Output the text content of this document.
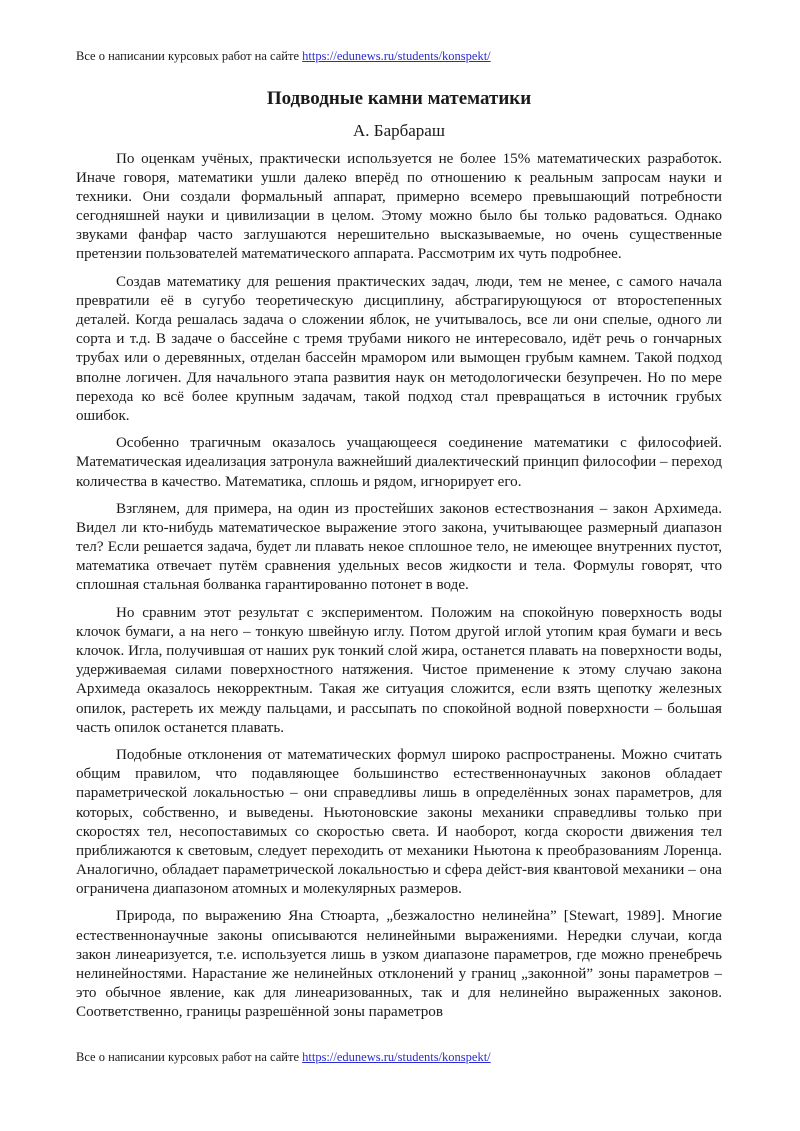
Все о написании курсовых работ на сайте https://edunews.ru/students/konspekt/
Подводные камни математики
А. Барбараш

По оценкам учёных, практически используется не более 15% математических разработок. Иначе говоря, математики ушли далеко вперёд по отношению к реальным запросам науки и техники. Они создали формальный аппарат, примерно всемеро превышающий потребности сегодняшней науки и цивилизации в целом. Этому можно было бы только радоваться. Однако звуками фанфар часто заглушаются нерешительно высказываемые, но очень существенные претензии пользователей математического аппарата. Рассмотрим их чуть подробнее.

Создав математику для решения практических задач, люди, тем не менее, с самого начала превратили её в сугубо теоретическую дисциплину, абстрагирующуюся от второстепенных деталей. Когда решалась задача о сложении яблок, не учитывалось, все ли они спелые, одного ли сорта и т.д. В задаче о бассейне с тремя трубами никого не интересовало, идёт речь о гончарных трубах или о деревянных, отделан бассейн мрамором или вымощен грубым камнем. Такой подход вполне логичен. Для начального этапа развития наук он методологически безупречен. Но по мере перехода ко всё более крупным задачам, такой подход стал превращаться в источник грубых ошибок.

Особенно трагичным оказалось учащающееся соединение математики с философией. Математическая идеализация затронула важнейший диалектический принцип философии – переход количества в качество. Математика, сплошь и рядом, игнорирует его.

Взглянем, для примера, на один из простейших законов естествознания – закон Архимеда. Видел ли кто-нибудь математическое выражение этого закона, учитывающее размерный диапазон тел? Если решается задача, будет ли плавать некое сплошное тело, не имеющее внутренних пустот, математика отвечает путём сравнения удельных весов жидкости и тела. Формулы говорят, что сплошная стальная болванка гарантированно потонет в воде.

Но сравним этот результат с экспериментом. Положим на спокойную поверхность воды клочок бумаги, а на него – тонкую швейную иглу. Потом другой иглой утопим края бумаги и весь клочок. Игла, получившая от наших рук тонкий слой жира, останется плавать на поверхности воды, удерживаемая силами поверхностного натяжения. Чистое применение к этому случаю закона Архимеда оказалось некорректным. Такая же ситуация сложится, если взять щепотку железных опилок, растереть их между пальцами, и рассыпать по спокойной водной поверхности – большая часть опилок останется плавать.

Подобные отклонения от математических формул широко распространены. Можно считать общим правилом, что подавляющее большинство естественнонаучных законов обладает параметрической локальностью – они справедливы лишь в определённых зонах параметров, для которых, собственно, и выведены. Ньютоновские законы механики справедливы только при скоростях тел, несопоставимых со скоростью света. И наоборот, когда скорости движения тел приближаются к световым, следует переходить от механики Ньютона к преобразованиям Лоренца. Аналогично, обладает параметрической локальностью и сфера дейст-вия квантовой механики – она ограничена диапазоном атомных и молекулярных размеров.

Природа, по выражению Яна Стюарта, „безжалостно нелинейна” [Stewart, 1989]. Многие естественнонаучные законы описываются нелинейными выражениями. Нередки случаи, когда закон линеаризуется, т.е. используется лишь в узком диапазоне параметров, где можно пренебречь нелинейностями. Нарастание же нелинейных отклонений у границ „законной” зоны параметров – это обычное явление, как для линеаризованных, так и для нелинейно выраженных законов. Соответственно, границы разрешённой зоны параметров

Все о написании курсовых работ на сайте https://edunews.ru/students/konspekt/
